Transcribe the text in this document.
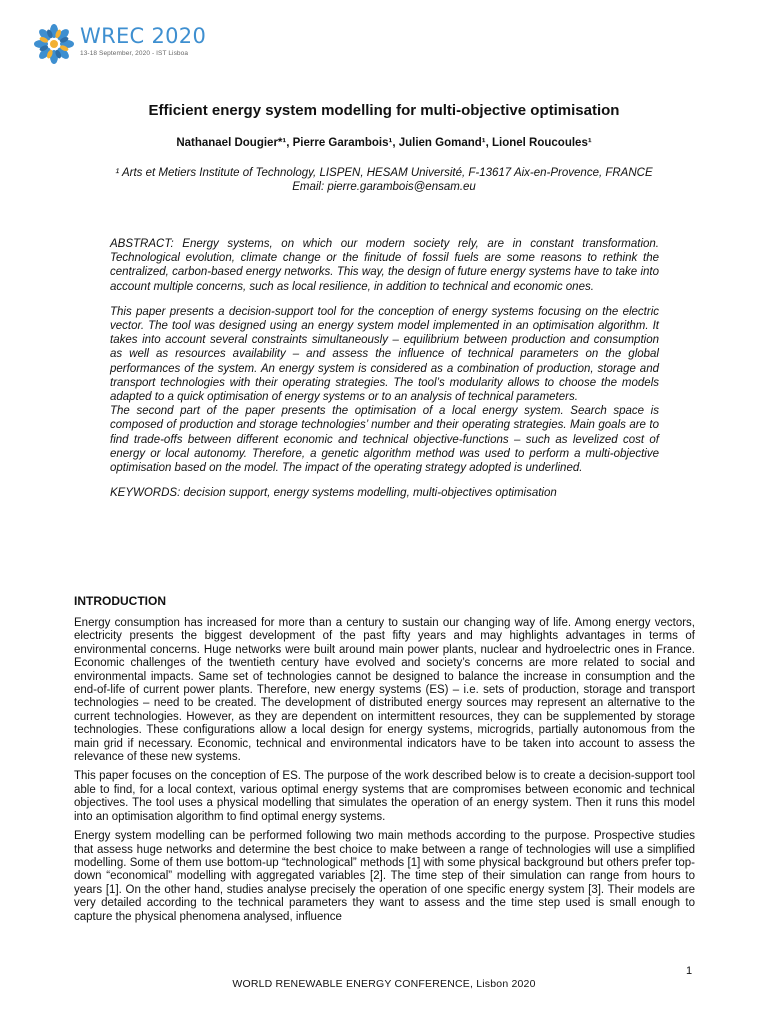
WREC 2020
13-18 September, 2020 - IST Lisboa
Efficient energy system modelling for multi-objective optimisation
Nathanael Dougier*¹, Pierre Garambois¹, Julien Gomand¹, Lionel Roucoules¹
¹ Arts et Metiers Institute of Technology, LISPEN, HESAM Université, F-13617 Aix-en-Provence, FRANCE
Email: pierre.garambois@ensam.eu

ABSTRACT: Energy systems, on which our modern society rely, are in constant transformation. Technological evolution, climate change or the finitude of fossil fuels are some reasons to rethink the centralized, carbon-based energy networks. This way, the design of future energy systems have to take into account multiple concerns, such as local resilience, in addition to technical and economic ones.

This paper presents a decision-support tool for the conception of energy systems focusing on the electric vector. The tool was designed using an energy system model implemented in an optimisation algorithm. It takes into account several constraints simultaneously – equilibrium between production and consumption as well as resources availability – and assess the influence of technical parameters on the global performances of the system. An energy system is considered as a combination of production, storage and transport technologies with their operating strategies. The tool’s modularity allows to choose the models adapted to a quick optimisation of energy systems or to an analysis of technical parameters.

The second part of the paper presents the optimisation of a local energy system. Search space is composed of production and storage technologies’ number and their operating strategies. Main goals are to find trade-offs between different economic and technical objective-functions – such as levelized cost of energy or local autonomy. Therefore, a genetic algorithm method was used to perform a multi-objective optimisation based on the model. The impact of the operating strategy adopted is underlined.

KEYWORDS: decision support, energy systems modelling, multi-objectives optimisation

INTRODUCTION

Energy consumption has increased for more than a century to sustain our changing way of life. Among energy vectors, electricity presents the biggest development of the past fifty years and may highlights advantages in terms of environmental concerns. Huge networks were built around main power plants, nuclear and hydroelectric ones in France. Economic challenges of the twentieth century have evolved and society’s concerns are more related to social and environmental impacts. Same set of technologies cannot be designed to balance the increase in consumption and the end-of-life of current power plants. Therefore, new energy systems (ES) – i.e. sets of production, storage and transport technologies – need to be created. The development of distributed energy sources may represent an alternative to the current technologies. However, as they are dependent on intermittent resources, they can be supplemented by storage technologies. These configurations allow a local design for energy systems, microgrids, partially autonomous from the main grid if necessary. Economic, technical and environmental indicators have to be taken into account to assess the relevance of these new systems.

This paper focuses on the conception of ES. The purpose of the work described below is to create a decision-support tool able to find, for a local context, various optimal energy systems that are compromises between economic and technical objectives. The tool uses a physical modelling that simulates the operation of an energy system. Then it runs this model into an optimisation algorithm to find optimal energy systems.

Energy system modelling can be performed following two main methods according to the purpose. Prospective studies that assess huge networks and determine the best choice to make between a range of technologies will use a simplified modelling. Some of them use bottom-up “technological” methods [1] with some physical background but others prefer top-down “economical” modelling with aggregated variables [2]. The time step of their simulation can range from hours to years [1]. On the other hand, studies analyse precisely the operation of one specific energy system [3]. Their models are very detailed according to the technical parameters they want to assess and the time step used is small enough to capture the physical phenomena analysed, influence

1
WORLD RENEWABLE ENERGY CONFERENCE, Lisbon 2020
